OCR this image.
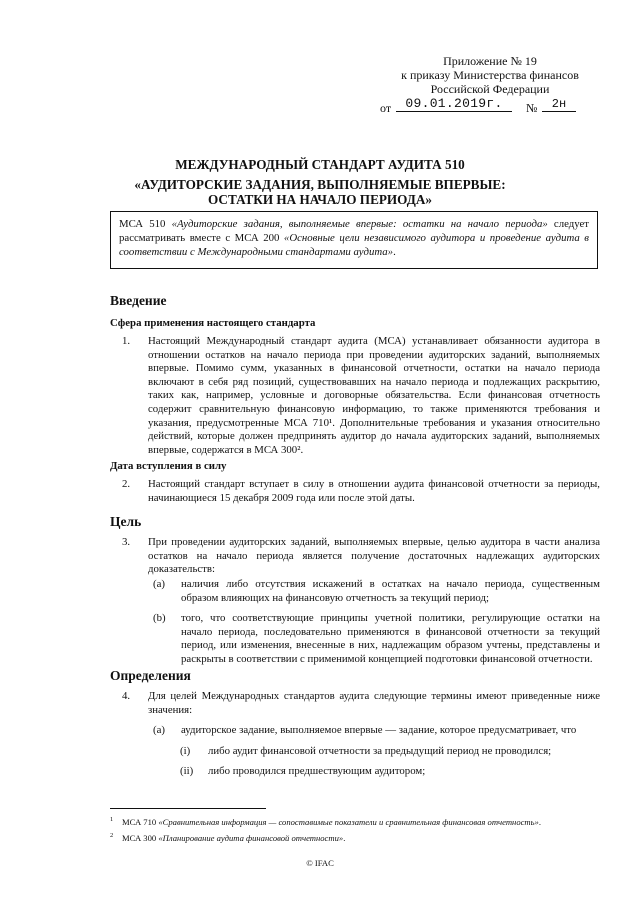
Приложение № 19
к приказу Министерства финансов
Российской Федерации
от	09.01.2019г.	№	2н
МЕЖДУНАРОДНЫЙ СТАНДАРТ АУДИТА 510
«АУДИТОРСКИЕ ЗАДАНИЯ, ВЫПОЛНЯЕМЫЕ ВПЕРВЫЕ:
ОСТАТКИ НА НАЧАЛО ПЕРИОДА»
МСА 510 «Аудиторские задания, выполняемые впервые: остатки на начало периода» следует рассматривать вместе с МСА 200 «Основные цели независимого аудитора и проведение аудита в соответствии с Международными стандартами аудита».
Введение
Сфера применения настоящего стандарта
1. Настоящий Международный стандарт аудита (МСА) устанавливает обязанности аудитора в отношении остатков на начало периода при проведении аудиторских заданий, выполняемых впервые. Помимо сумм, указанных в финансовой отчетности, остатки на начало периода включают в себя ряд позиций, существовавших на начало периода и подлежащих раскрытию, таких как, например, условные и договорные обязательства. Если финансовая отчетность содержит сравнительную финансовую информацию, то также применяются требования и указания, предусмотренные МСА 710¹. Дополнительные требования и указания относительно действий, которые должен предпринять аудитор до начала аудиторских заданий, выполняемых впервые, содержатся в МСА 300².
Дата вступления в силу
2. Настоящий стандарт вступает в силу в отношении аудита финансовой отчетности за периоды, начинающиеся 15 декабря 2009 года или после этой даты.
Цель
3. При проведении аудиторских заданий, выполняемых впервые, целью аудитора в части анализа остатков на начало периода является получение достаточных надлежащих аудиторских доказательств:
(а) наличия либо отсутствия искажений в остатках на начало периода, существенным образом влияющих на финансовую отчетность за текущий период;
(b) того, что соответствующие принципы учетной политики, регулирующие остатки на начало периода, последовательно применяются в финансовой отчетности за текущий период, или изменения, внесенные в них, надлежащим образом учтены, представлены и раскрыты в соответствии с применимой концепцией подготовки финансовой отчетности.
Определения
4. Для целей Международных стандартов аудита следующие термины имеют приведенные ниже значения:
(а) аудиторское задание, выполняемое впервые — задание, которое предусматривает, что
(i) либо аудит финансовой отчетности за предыдущий период не проводился;
(ii) либо проводился предшествующим аудитором;
1 МСА 710 «Сравнительная информация — сопоставимые показатели и сравнительная финансовая отчетность».
2 МСА 300 «Планирование аудита финансовой отчетности».
© IFAC
